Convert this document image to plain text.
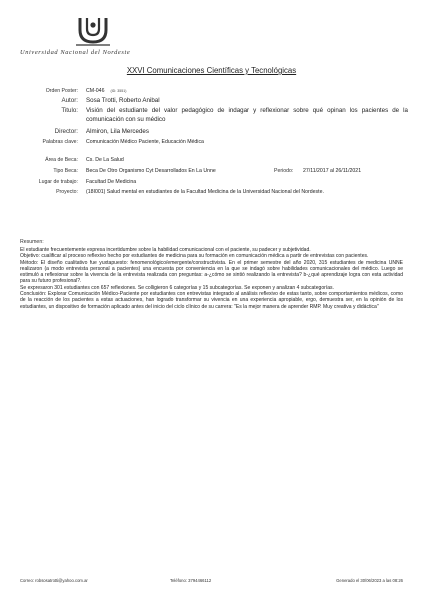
Universidad Nacional del Nordeste
XXVI Comunicaciones Científicas y Tecnológicas
Orden Poster: CM-046 (ID: 3551)
Autor: Sosa Trotti, Roberto Anibal
Titulo: Visión del estudiante del valor pedagógico de indagar y reflexionar sobre qué opinan los pacientes de la comunicación con su médico
Director: Almiron, Lila Mercedes
Palabras clave: Comunicación Médico Paciente, Educación Médica
Área de Beca: Cs. De La Salud
Tipo Beca: Beca De Otro Organismo Cyt Desarrollados En La Unne	Periodo: 27/11/2017 al 26/11/2021
Lugar de trabajo: Facultad De Medicina
Proyecto: (18I001) Salud mental en estudiantes de la Facultad Medicina de la Universidad Nacional del Nordeste.
Resumen:

El estudiante frecuentemente expresa incertidumbre sobre la habilidad comunicacional con el paciente, su padecer y subjetividad.

Objetivo: cualificar al proceso reflexivo hecho por estudiantes de medicina para su formación en comunicación médica a partir de entrevistas con pacientes.

Método: El diseño cualitativo fue yuxtapuesto: fenomenológico/emergente/constructivista. En el primer semestre del año 2020, 315 estudiantes de medicina UNNE realizaron (a modo entrevista personal a pacientes) una encuesta por conveniencia en la que se indagó sobre habilidades comunicacionales del médico. Luego se estimuló a reflexionar sobre la vivencia de la entrevista realizada con preguntas: a-¿cómo se sintió realizando la entrevista? b-¿qué aprendizaje logra con esta actividad para su futuro profesional?.

Se expresaron 301 estudiantes con 657 reflexiones. Se colligieron 6 categorías y 15 subcategorías. Se exponen y analizan 4 subcategorías.

Conclusión: Explorar Comunicación Médico-Paciente por estudiantes con entrevistas integrado al análisis reflexivo de estas tanto, sobre comportamientos médicos, como de la reacción de los pacientes a estas actuaciones, han logrado transformar su vivencia en una experiencia apropiable, ergo, demuestra ser, en la opinión de los estudiantes, un dispositivo de formación aplicado antes del inicio del ciclo clínico de su carrera: "Es la mejor manera de aprender RMP. Muy creativa y didáctica"

Correo: robsosatrotti@yahoo.com.ar	Teléfono: 3794466112	Generado el 30/06/2023 a las 08:26
